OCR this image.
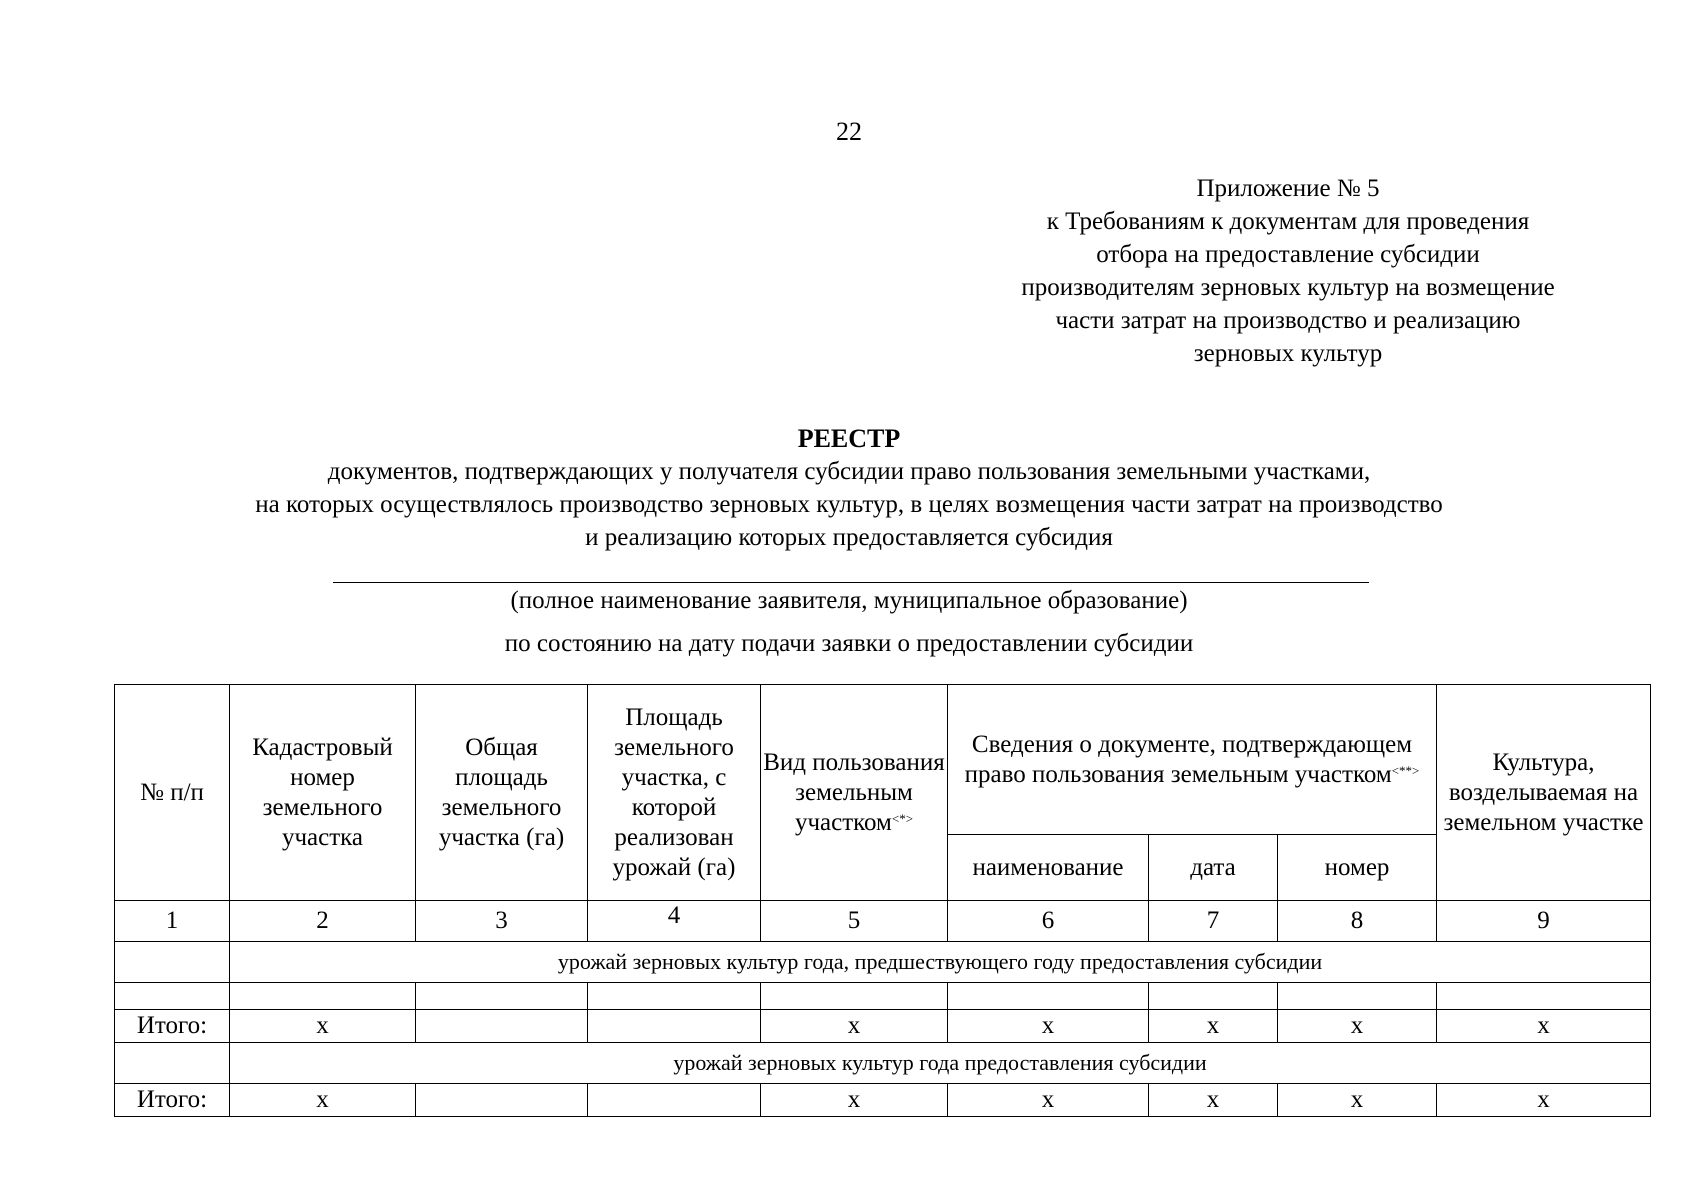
22
Приложение № 5
к Требованиям к документам для проведения
отбора на предоставление субсидии
производителям зерновых культур на возмещение
части затрат на производство и реализацию
зерновых культур
РЕЕСТР
документов, подтверждающих у получателя субсидии право пользования земельными участками,
на которых осуществлялось производство зерновых культур, в целях возмещения части затрат на производство
и реализацию которых предоставляется субсидия
(полное наименование заявителя, муниципальное образование)
по состоянию на дату подачи заявки о предоставлении субсидии
№ п/п	Кадастровый номер земельного участка	Общая площадь земельного участка (га)	Площадь земельного участка, с которой реализован урожай (га)	Вид пользования земельным участком<*>	Сведения о документе, подтверждающем право пользования земельным участком<**>			Культура, возделываемая на земельном участке
					наименование	дата	номер	
1	2	3	4	5	6	7	8	9
	урожай зерновых культур года, предшествующего году предоставления субсидии							

Итого:	х			х	х	х	х	х
	урожай зерновых культур года предоставления субсидии							
Итого:	х			х	х	х	х	х
